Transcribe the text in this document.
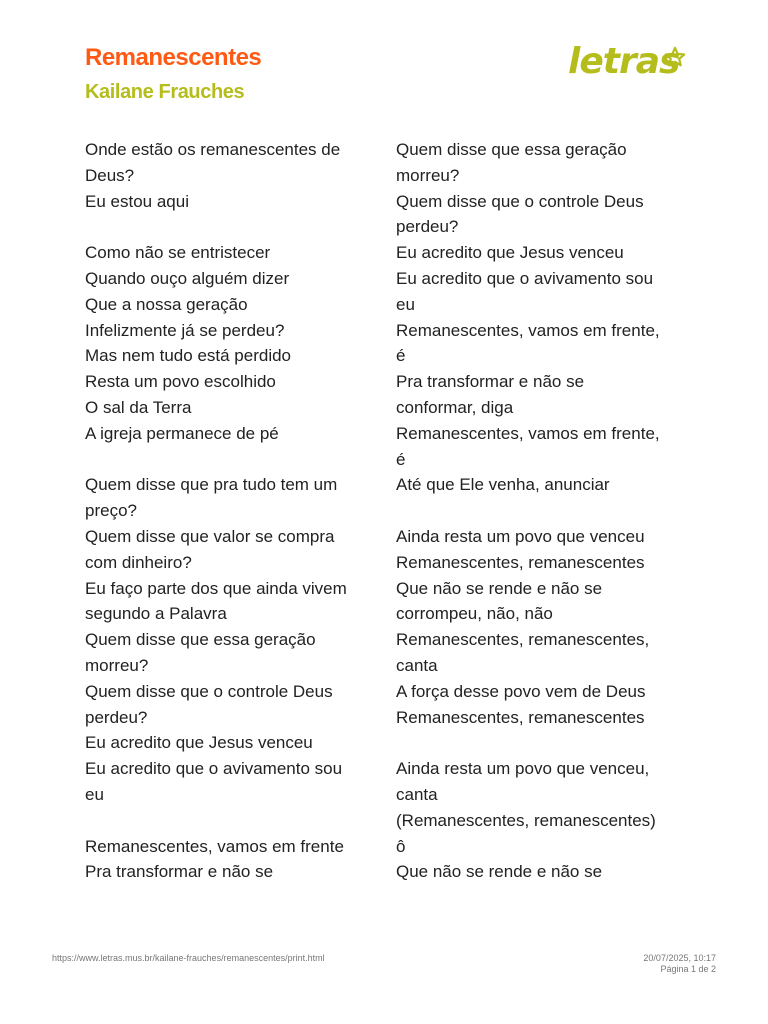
Remanescentes
Kailane Frauches
letras
Onde estão os remanescentes de
Deus?
Eu estou aqui
Como não se entristecer
Quando ouço alguém dizer
Que a nossa geração
Infelizmente já se perdeu?
Mas nem tudo está perdido
Resta um povo escolhido
O sal da Terra
A igreja permanece de pé
Quem disse que pra tudo tem um
preço?
Quem disse que valor se compra
com dinheiro?
Eu faço parte dos que ainda vivem
segundo a Palavra
Quem disse que essa geração
morreu?
Quem disse que o controle Deus
perdeu?
Eu acredito que Jesus venceu
Eu acredito que o avivamento sou
eu
Remanescentes, vamos em frente
Pra transformar e não se
Quem disse que essa geração
morreu?
Quem disse que o controle Deus
perdeu?
Eu acredito que Jesus venceu
Eu acredito que o avivamento sou
eu
Remanescentes, vamos em frente,
é
Pra transformar e não se
conformar, diga
Remanescentes, vamos em frente,
é
Até que Ele venha, anunciar
Ainda resta um povo que venceu
Remanescentes, remanescentes
Que não se rende e não se
corrompeu, não, não
Remanescentes, remanescentes,
canta
A força desse povo vem de Deus
Remanescentes, remanescentes
Ainda resta um povo que venceu,
canta
(Remanescentes, remanescentes)
ô
Que não se rende e não se
https://www.letras.mus.br/kailane-frauches/remanescentes/print.html	20/07/2025, 10:17
Página 1 de 2
